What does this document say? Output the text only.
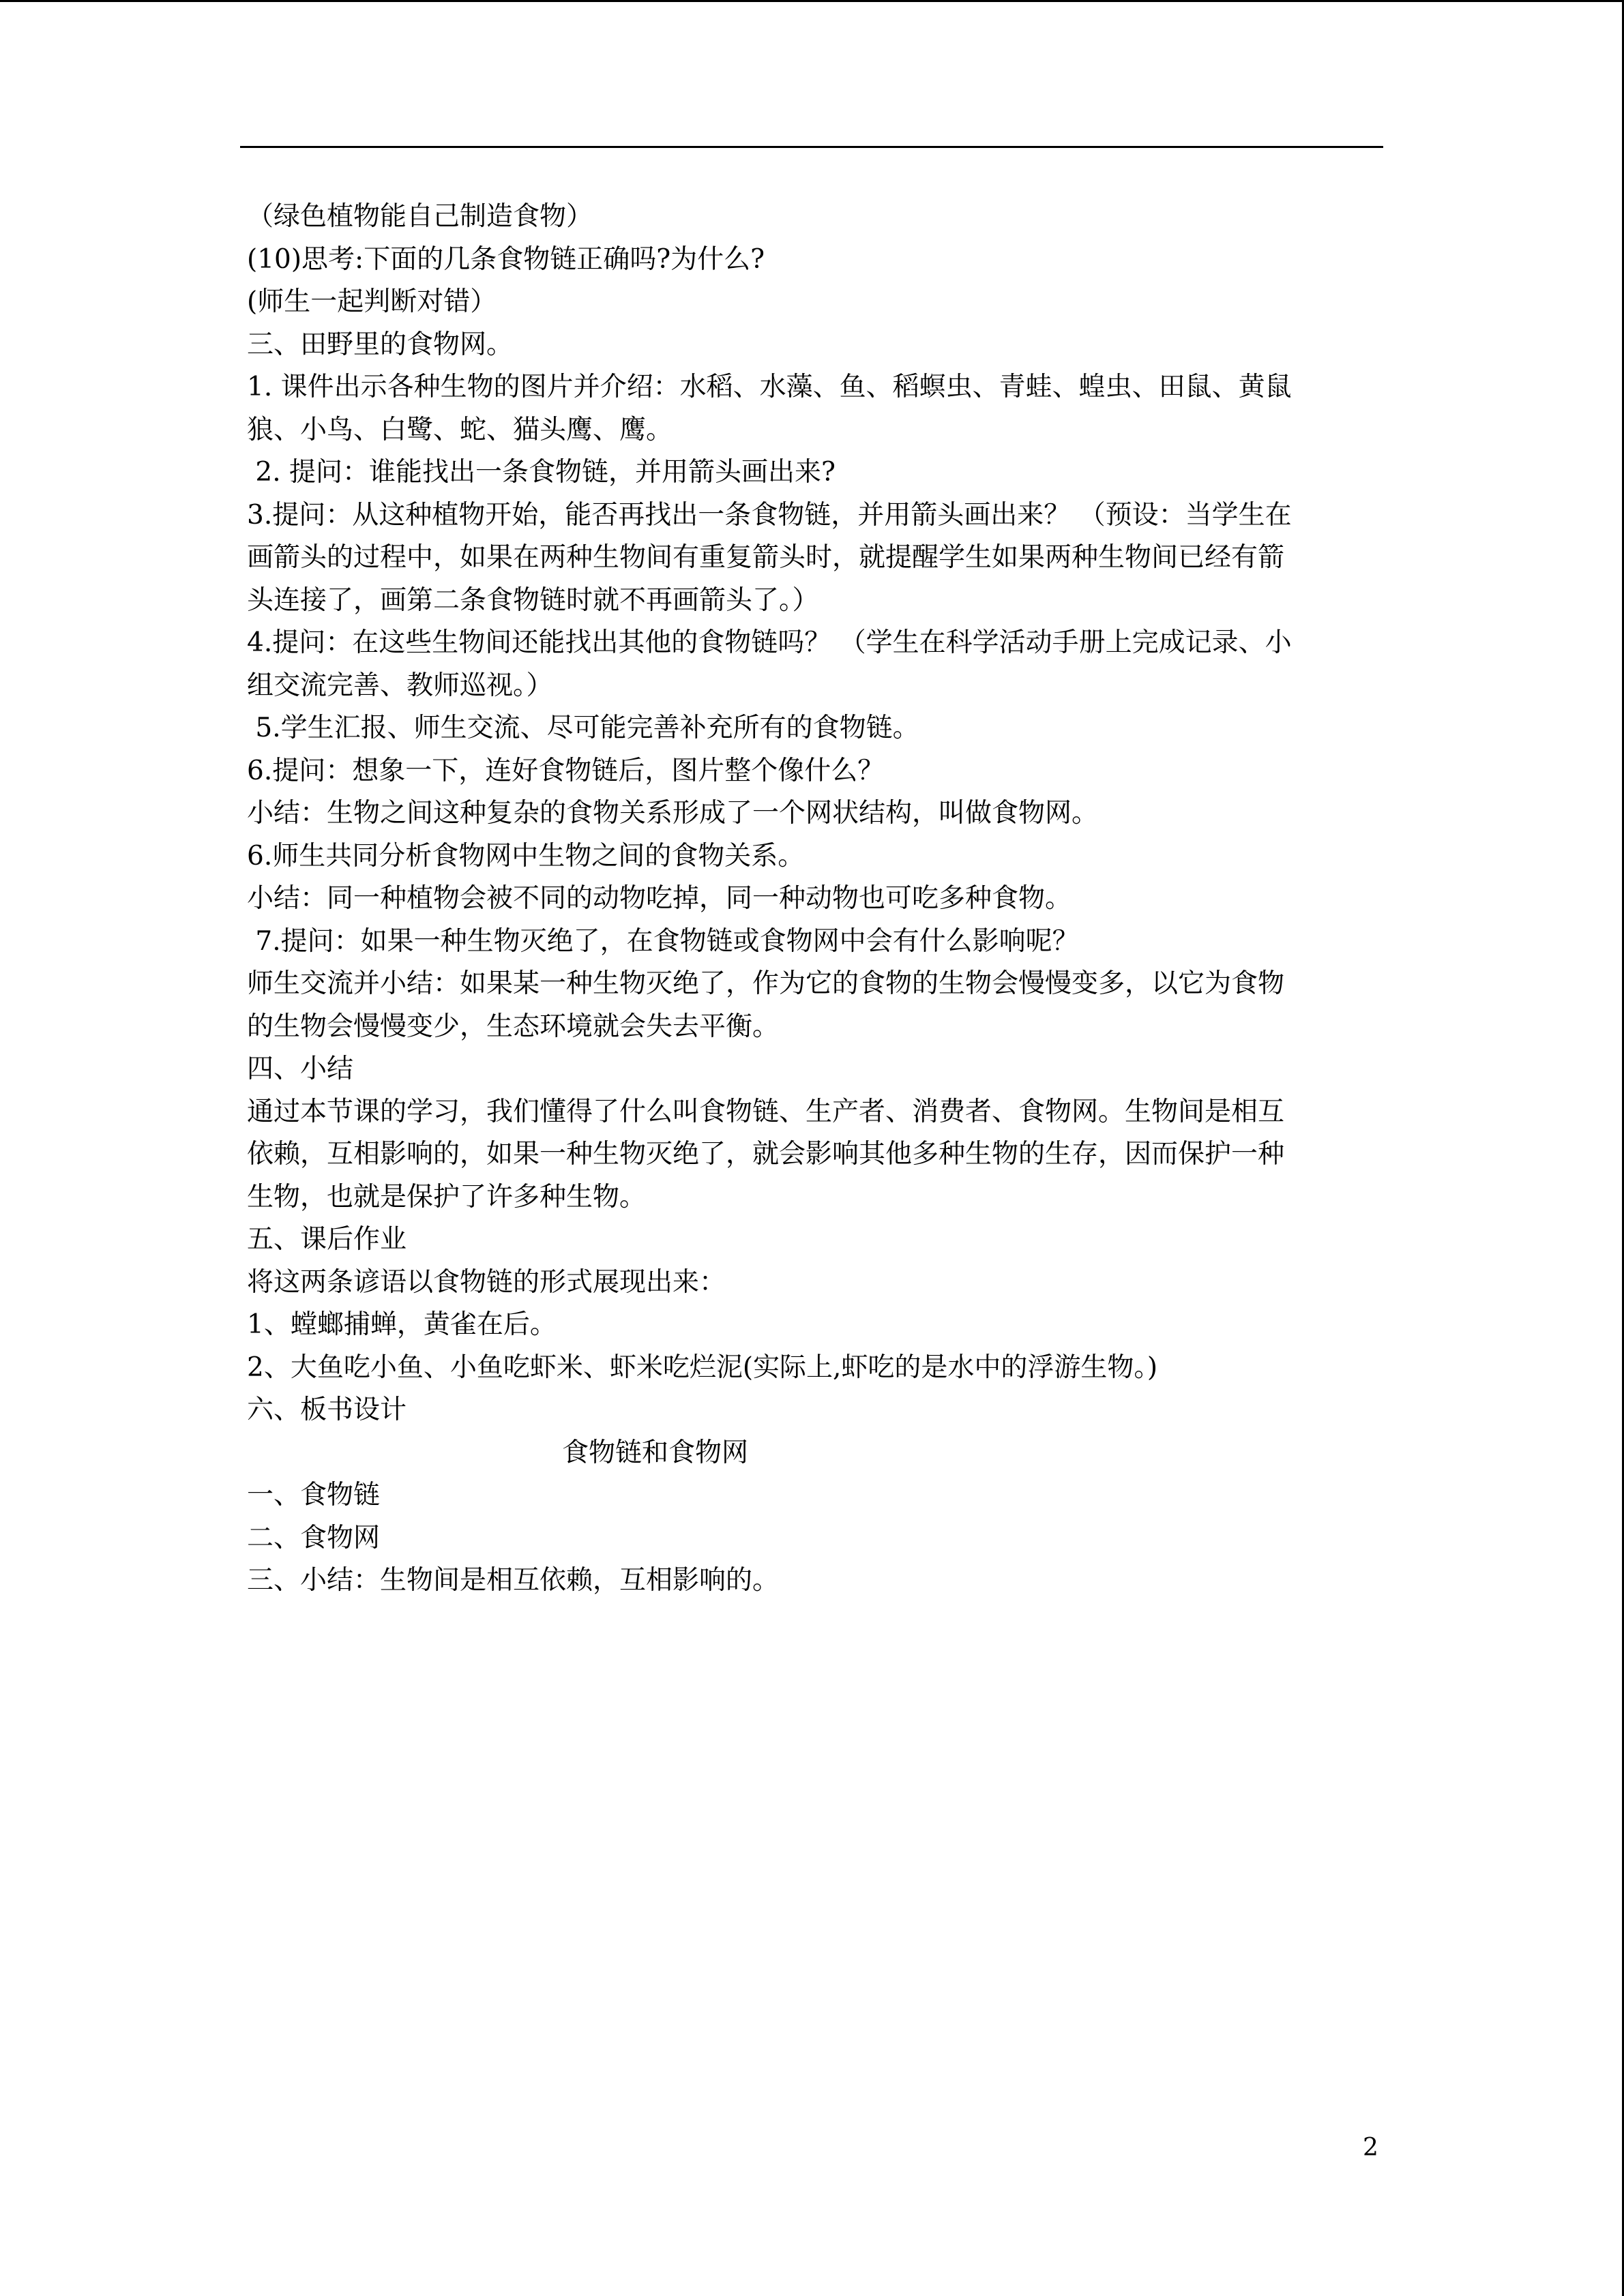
（绿色植物能自己制造食物）
(10)思考:下面的几条食物链正确吗?为什么?
(师生一起判断对错）
三、田野里的食物网。
1. 课件出示各种生物的图片并介绍：水稻、水藻、鱼、稻螟虫、青蛙、蝗虫、田鼠、黄鼠
狼、小鸟、白鹭、蛇、猫头鹰、鹰。
2. 提问：谁能找出一条食物链，并用箭头画出来?
3.提问：从这种植物开始，能否再找出一条食物链，并用箭头画出来？ （预设：当学生在
画箭头的过程中，如果在两种生物间有重复箭头时，就提醒学生如果两种生物间已经有箭
头连接了，画第二条食物链时就不再画箭头了。）
4.提问：在这些生物间还能找出其他的食物链吗？ （学生在科学活动手册上完成记录、小
组交流完善、教师巡视。）
5.学生汇报、师生交流、尽可能完善补充所有的食物链。
6.提问：想象一下，连好食物链后，图片整个像什么？
小结：生物之间这种复杂的食物关系形成了一个网状结构，叫做食物网。
6.师生共同分析食物网中生物之间的食物关系。
小结：同一种植物会被不同的动物吃掉，同一种动物也可吃多种食物。
7.提问：如果一种生物灭绝了，在食物链或食物网中会有什么影响呢？
师生交流并小结：如果某一种生物灭绝了，作为它的食物的生物会慢慢变多，以它为食物
的生物会慢慢变少，生态环境就会失去平衡。
四、小结
通过本节课的学习，我们懂得了什么叫食物链、生产者、消费者、食物网。生物间是相互
依赖，互相影响的，如果一种生物灭绝了，就会影响其他多种生物的生存，因而保护一种
生物，也就是保护了许多种生物。
五、课后作业
将这两条谚语以食物链的形式展现出来：
1、螳螂捕蝉，黄雀在后。
2、大鱼吃小鱼、小鱼吃虾米、虾米吃烂泥(实际上,虾吃的是水中的浮游生物。)
六、板书设计
食物链和食物网
一、食物链
二、食物网
三、小结：生物间是相互依赖，互相影响的。
2
